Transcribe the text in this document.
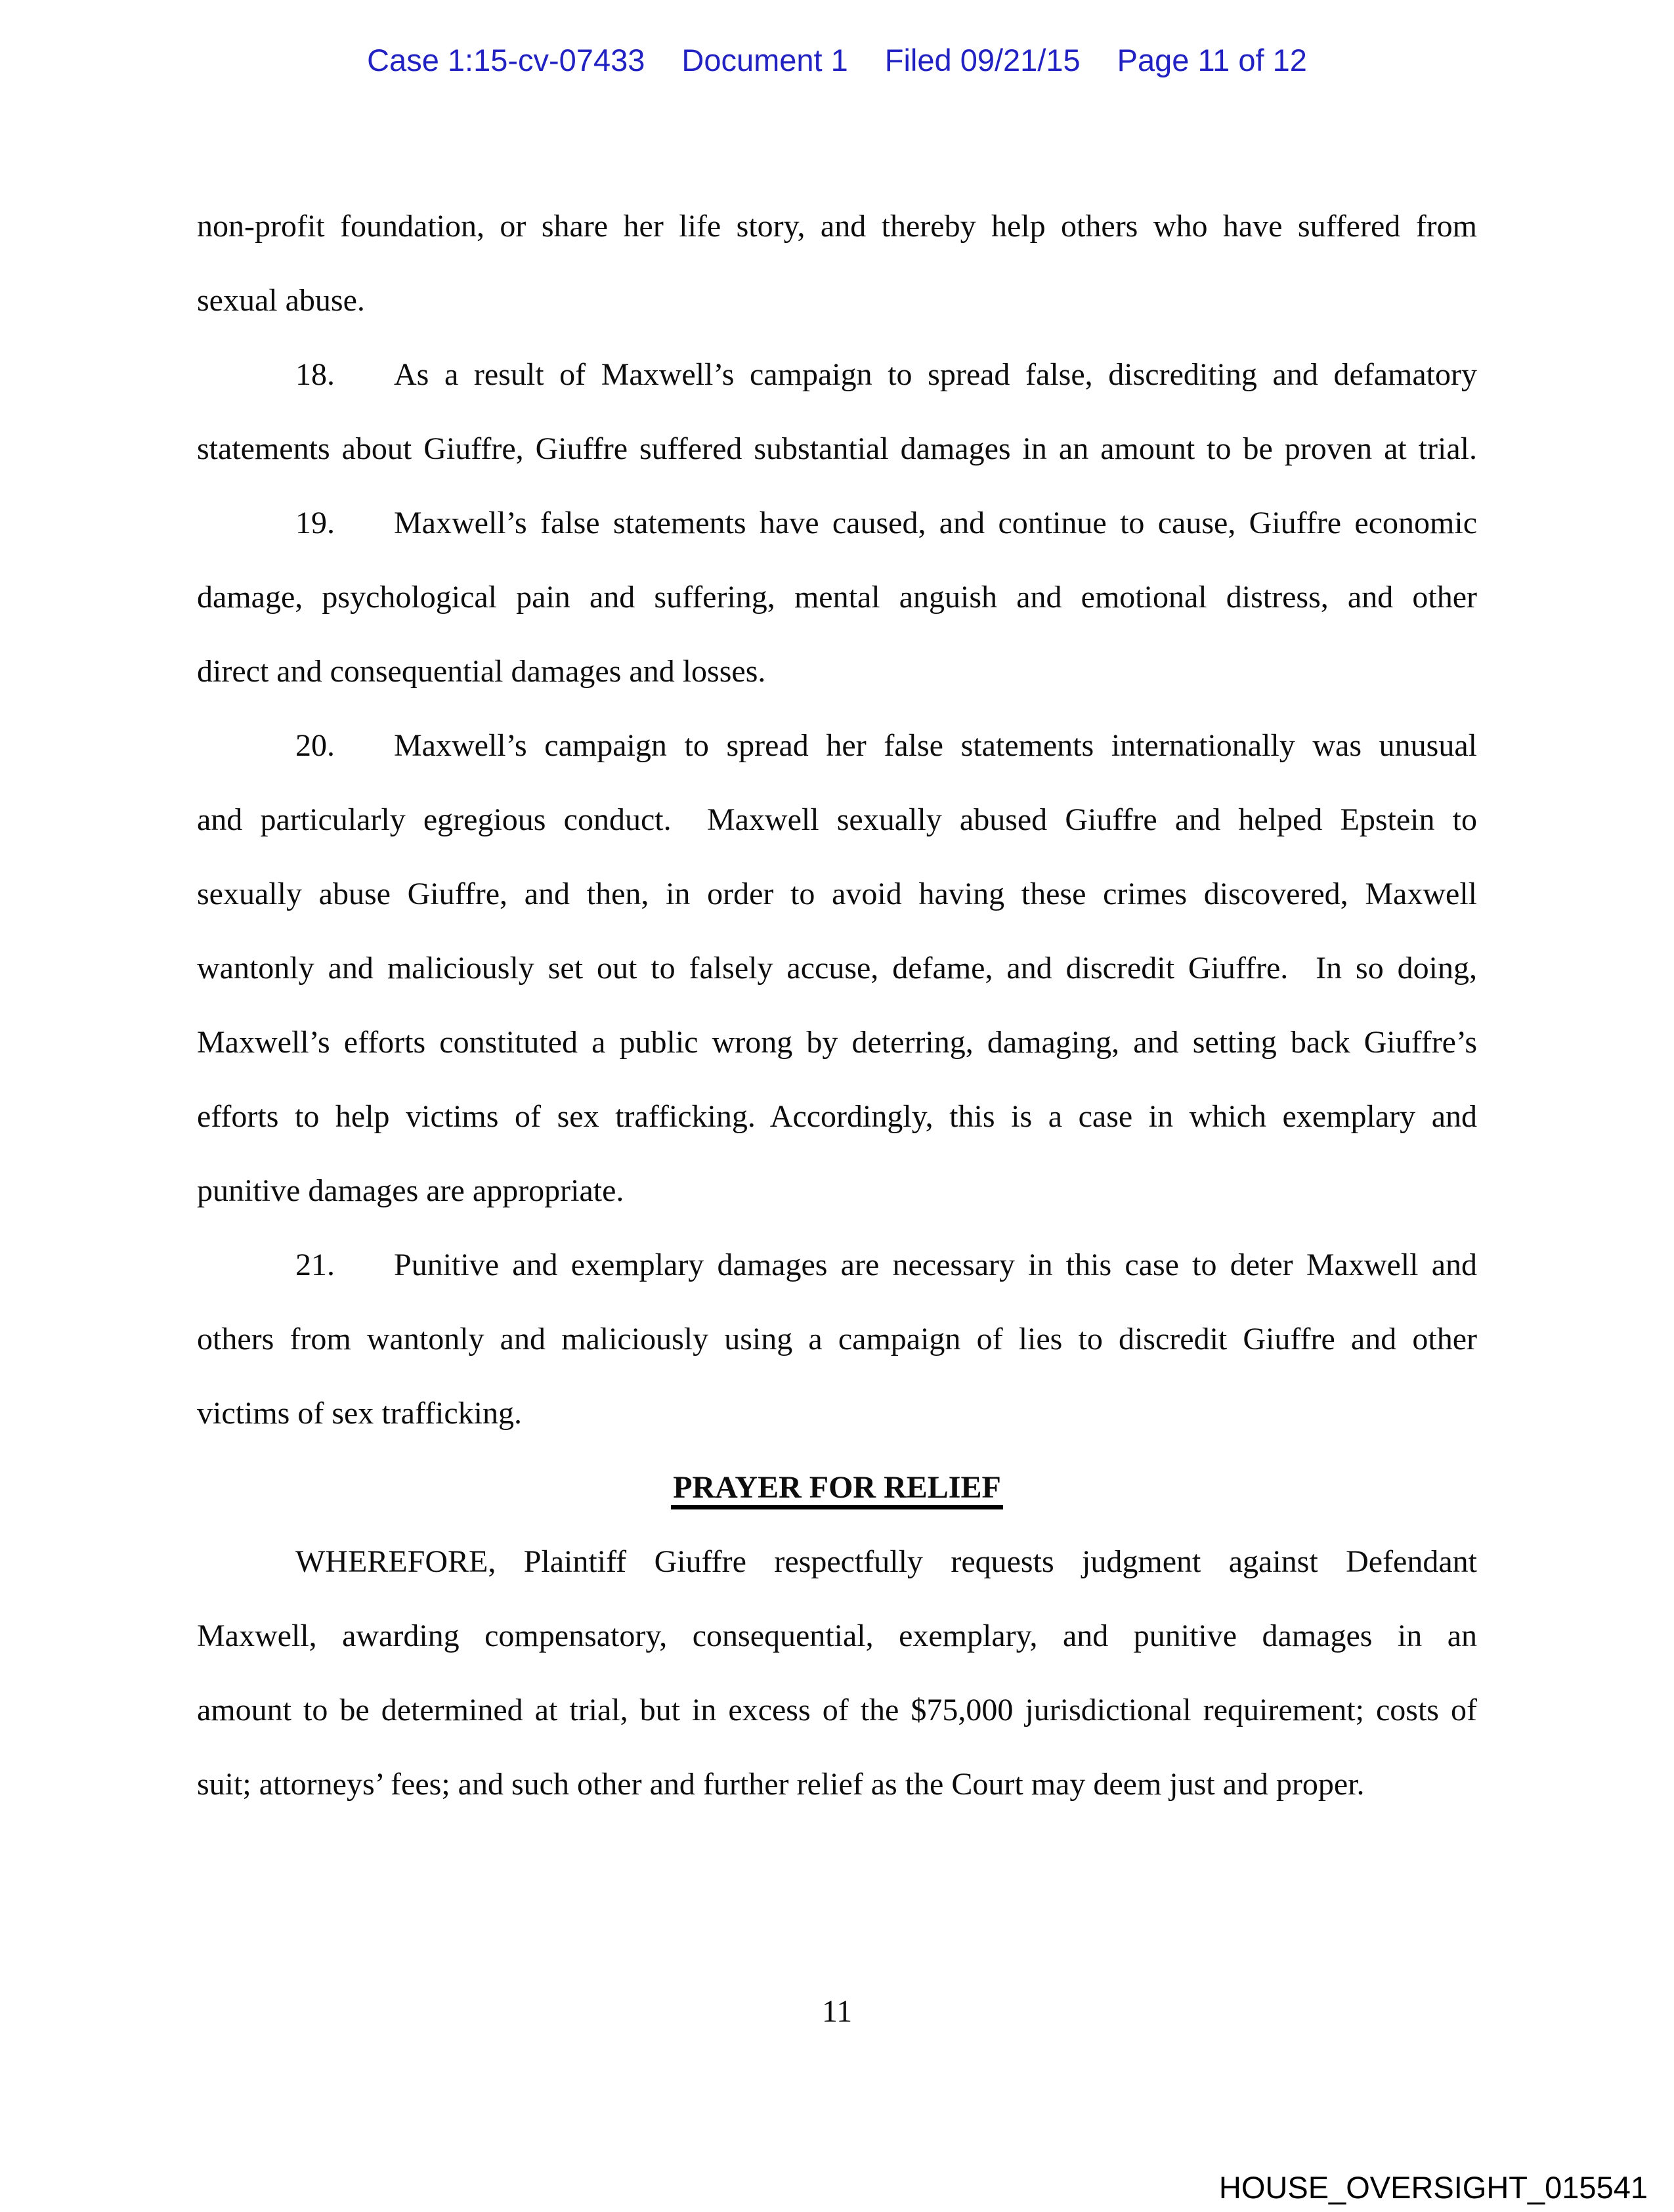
Case 1:15-cv-07433 Document 1 Filed 09/21/15 Page 11 of 12
non-profit foundation, or share her life story, and thereby help others who have suffered from
sexual abuse.
18. As a result of Maxwell’s campaign to spread false, discrediting and defamatory
statements about Giuffre, Giuffre suffered substantial damages in an amount to be proven at trial.
19. Maxwell’s false statements have caused, and continue to cause, Giuffre economic
damage, psychological pain and suffering, mental anguish and emotional distress, and other
direct and consequential damages and losses.
20. Maxwell’s campaign to spread her false statements internationally was unusual
and particularly egregious conduct.  Maxwell sexually abused Giuffre and helped Epstein to
sexually abuse Giuffre, and then, in order to avoid having these crimes discovered, Maxwell
wantonly and maliciously set out to falsely accuse, defame, and discredit Giuffre.  In so doing,
Maxwell’s efforts constituted a public wrong by deterring, damaging, and setting back Giuffre’s
efforts to help victims of sex trafficking. Accordingly, this is a case in which exemplary and
punitive damages are appropriate.
21. Punitive and exemplary damages are necessary in this case to deter Maxwell and
others from wantonly and maliciously using a campaign of lies to discredit Giuffre and other
victims of sex trafficking.
PRAYER FOR RELIEF
WHEREFORE, Plaintiff Giuffre respectfully requests judgment against Defendant
Maxwell, awarding compensatory, consequential, exemplary, and punitive damages in an
amount to be determined at trial, but in excess of the $75,000 jurisdictional requirement; costs of
suit; attorneys’ fees; and such other and further relief as the Court may deem just and proper.
11
HOUSE_OVERSIGHT_015541
